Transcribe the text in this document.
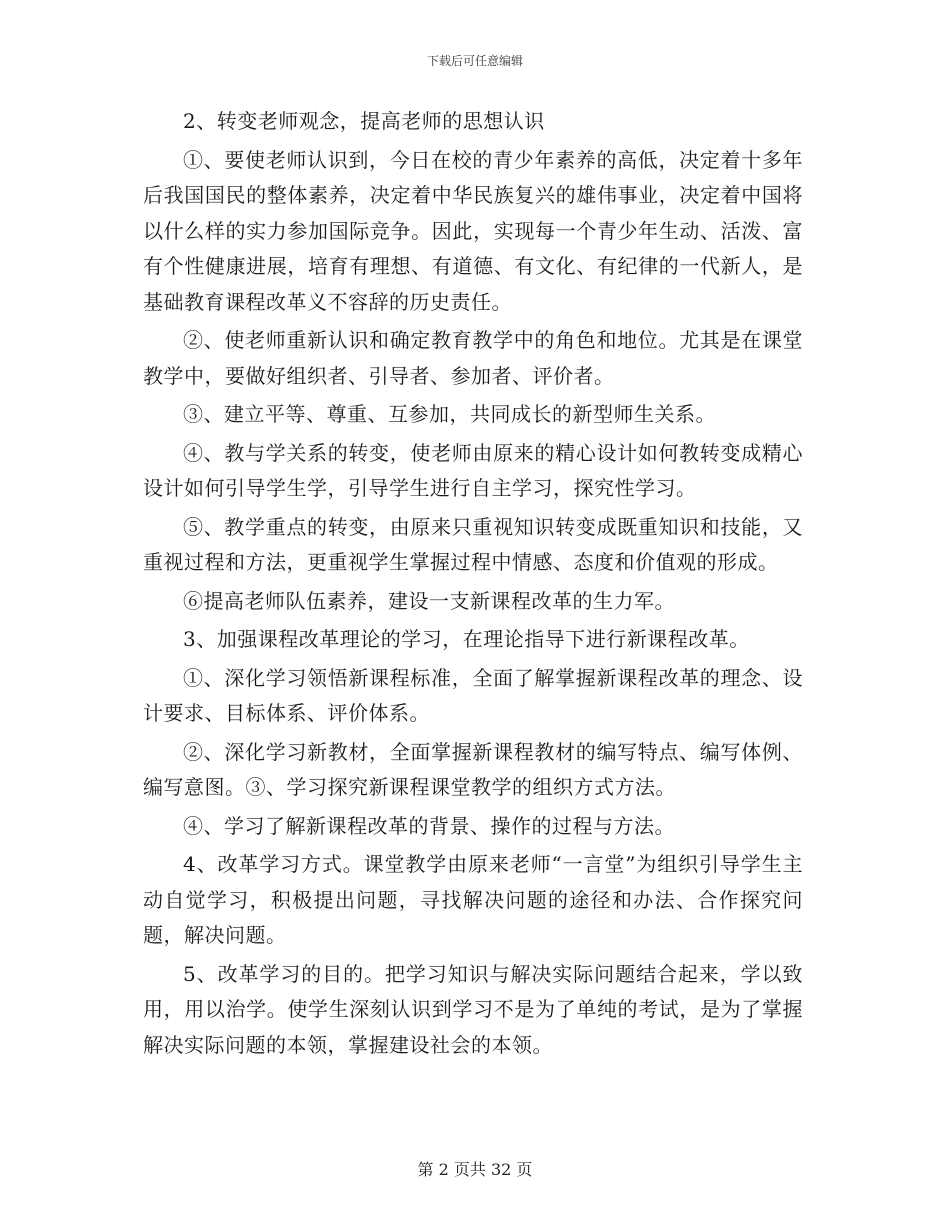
下载后可任意编辑

2、转变老师观念，提高老师的思想认识

①、要使老师认识到，今日在校的青少年素养的高低，决定着十多年后我国国民的整体素养，决定着中华民族复兴的雄伟事业，决定着中国将以什么样的实力参加国际竞争。因此，实现每一个青少年生动、活泼、富有个性健康进展，培育有理想、有道德、有文化、有纪律的一代新人，是基础教育课程改革义不容辞的历史责任。

②、使老师重新认识和确定教育教学中的角色和地位。尤其是在课堂教学中，要做好组织者、引导者、参加者、评价者。

③、建立平等、尊重、互参加，共同成长的新型师生关系。

④、教与学关系的转变，使老师由原来的精心设计如何教转变成精心设计如何引导学生学，引导学生进行自主学习，探究性学习。

⑤、教学重点的转变，由原来只重视知识转变成既重知识和技能，又重视过程和方法，更重视学生掌握过程中情感、态度和价值观的形成。

⑥提高老师队伍素养，建设一支新课程改革的生力军。

3、加强课程改革理论的学习，在理论指导下进行新课程改革。

①、深化学习领悟新课程标准，全面了解掌握新课程改革的理念、设计要求、目标体系、评价体系。

②、深化学习新教材，全面掌握新课程教材的编写特点、编写体例、编写意图。③、学习探究新课程课堂教学的组织方式方法。

④、学习了解新课程改革的背景、操作的过程与方法。

4、改革学习方式。课堂教学由原来老师“一言堂”为组织引导学生主动自觉学习，积极提出问题，寻找解决问题的途径和办法、合作探究问题，解决问题。

5、改革学习的目的。把学习知识与解决实际问题结合起来，学以致用，用以治学。使学生深刻认识到学习不是为了单纯的考试，是为了掌握解决实际问题的本领，掌握建设社会的本领。

第 2 页共 32 页
